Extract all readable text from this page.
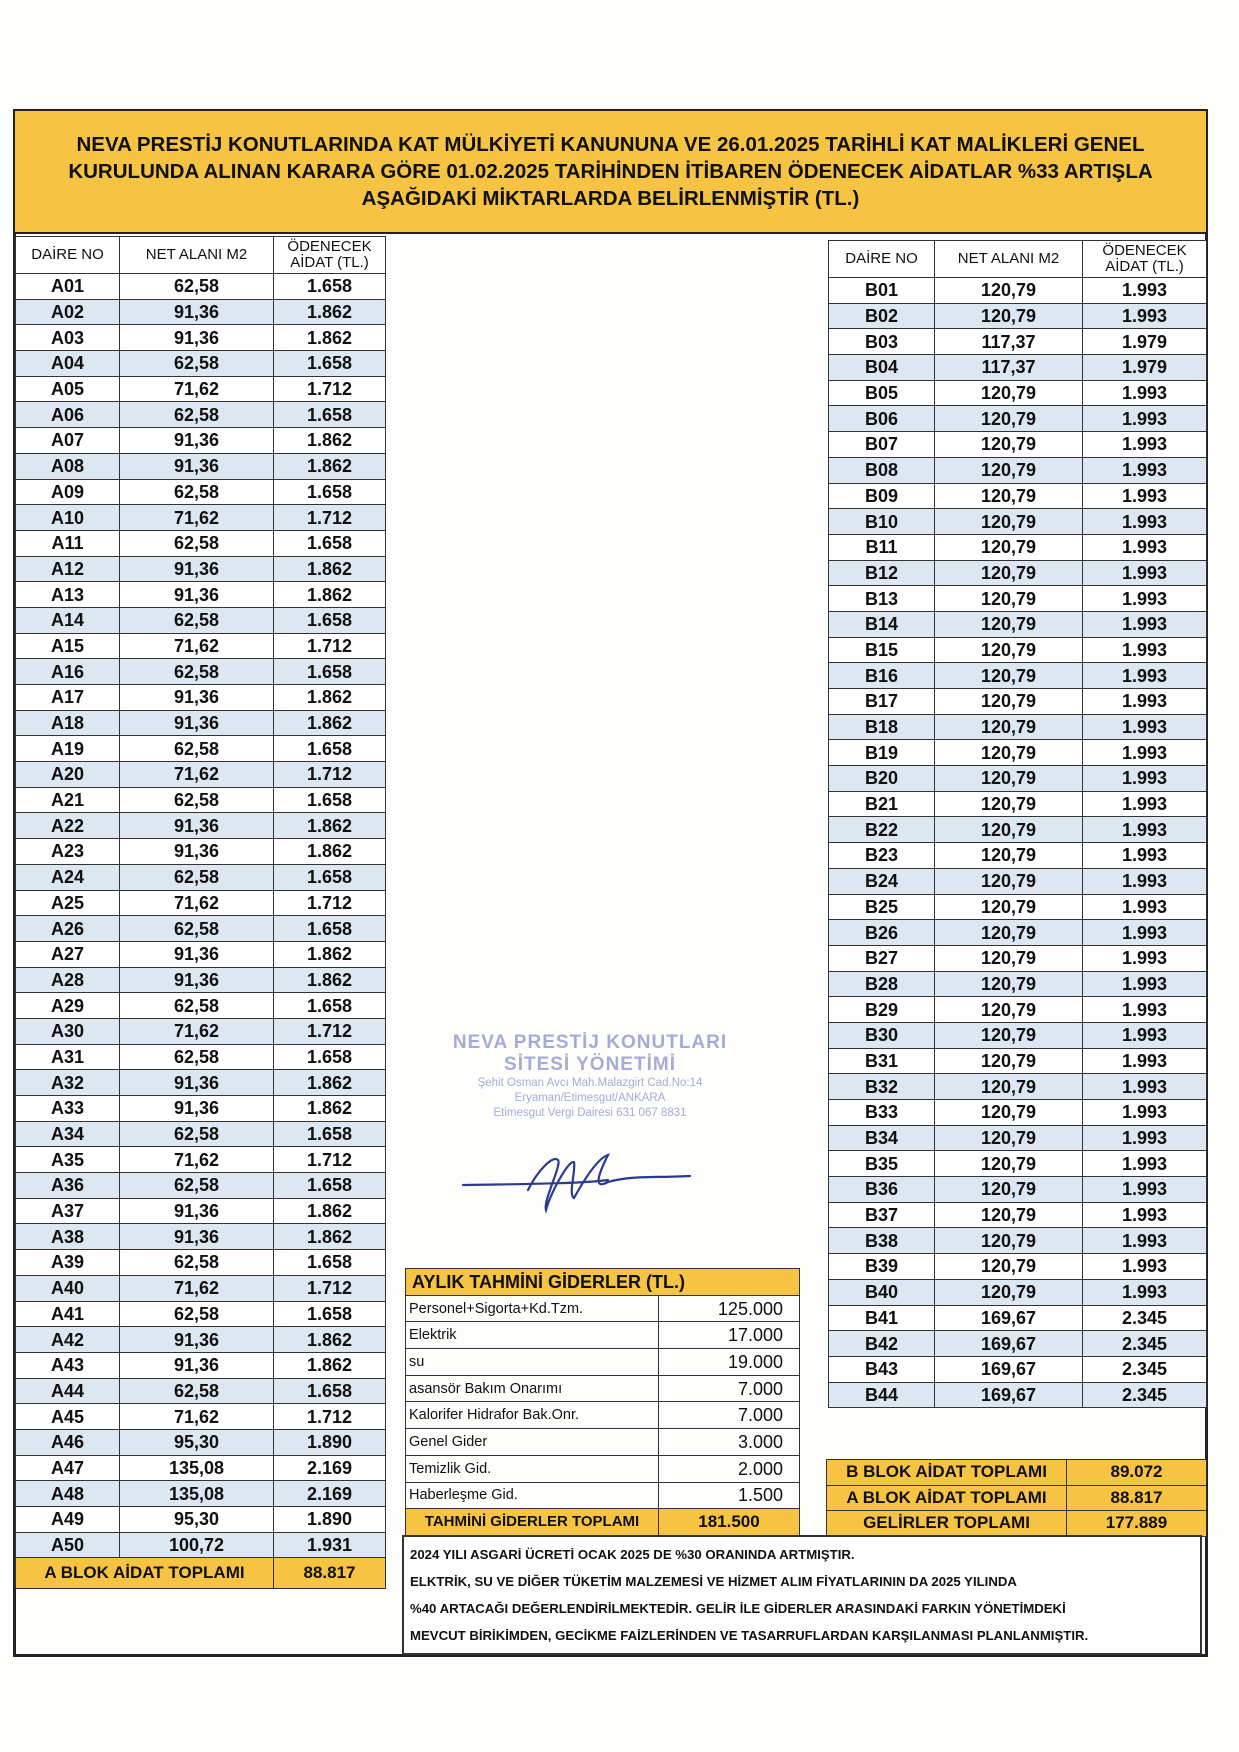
NEVA PRESTİJ KONUTLARINDA KAT MÜLKİYETİ KANUNUNA VE 26.01.2025 TARİHLİ KAT MALİKLERİ GENEL
KURULUNDA ALINAN KARARA GÖRE 01.02.2025 TARİHİNDEN İTİBAREN ÖDENECEK AİDATLAR %33 ARTIŞLA
AŞAĞIDAKİ MİKTARLARDA BELİRLENMİŞTİR (TL.)
DAİRE NO	NET ALANI M2	ÖDENECEK AİDAT (TL.)
A01	62,58	1.658
A02	91,36	1.862
A03	91,36	1.862
A04	62,58	1.658
A05	71,62	1.712
A06	62,58	1.658
A07	91,36	1.862
A08	91,36	1.862
A09	62,58	1.658
A10	71,62	1.712
A11	62,58	1.658
A12	91,36	1.862
A13	91,36	1.862
A14	62,58	1.658
A15	71,62	1.712
A16	62,58	1.658
A17	91,36	1.862
A18	91,36	1.862
A19	62,58	1.658
A20	71,62	1.712
A21	62,58	1.658
A22	91,36	1.862
A23	91,36	1.862
A24	62,58	1.658
A25	71,62	1.712
A26	62,58	1.658
A27	91,36	1.862
A28	91,36	1.862
A29	62,58	1.658
A30	71,62	1.712
A31	62,58	1.658
A32	91,36	1.862
A33	91,36	1.862
A34	62,58	1.658
A35	71,62	1.712
A36	62,58	1.658
A37	91,36	1.862
A38	91,36	1.862
A39	62,58	1.658
A40	71,62	1.712
A41	62,58	1.658
A42	91,36	1.862
A43	91,36	1.862
A44	62,58	1.658
A45	71,62	1.712
A46	95,30	1.890
A47	135,08	2.169
A48	135,08	2.169
A49	95,30	1.890
A50	100,72	1.931
A BLOK AİDAT TOPLAMI		88.817
DAİRE NO	NET ALANI M2	ÖDENECEK AİDAT (TL.)
B01	120,79	1.993
B02	120,79	1.993
B03	117,37	1.979
B04	117,37	1.979
B05	120,79	1.993
B06	120,79	1.993
B07	120,79	1.993
B08	120,79	1.993
B09	120,79	1.993
B10	120,79	1.993
B11	120,79	1.993
B12	120,79	1.993
B13	120,79	1.993
B14	120,79	1.993
B15	120,79	1.993
B16	120,79	1.993
B17	120,79	1.993
B18	120,79	1.993
B19	120,79	1.993
B20	120,79	1.993
B21	120,79	1.993
B22	120,79	1.993
B23	120,79	1.993
B24	120,79	1.993
B25	120,79	1.993
B26	120,79	1.993
B27	120,79	1.993
B28	120,79	1.993
B29	120,79	1.993
B30	120,79	1.993
B31	120,79	1.993
B32	120,79	1.993
B33	120,79	1.993
B34	120,79	1.993
B35	120,79	1.993
B36	120,79	1.993
B37	120,79	1.993
B38	120,79	1.993
B39	120,79	1.993
B40	120,79	1.993
B41	169,67	2.345
B42	169,67	2.345
B43	169,67	2.345
B44	169,67	2.345
B BLOK AİDAT TOPLAMI	89.072
A BLOK AİDAT TOPLAMI	88.817
GELİRLER TOPLAMI	177.889
AYLIK TAHMİNİ GİDERLER (TL.)	
Personel+Sigorta+Kd.Tzm.	125.000
Elektrik	17.000
su	19.000
asansör Bakım Onarımı	7.000
Kalorifer Hidrafor Bak.Onr.	7.000
Genel Gider	3.000
Temizlik Gid.	2.000
Haberleşme Gid.	1.500
TAHMİNİ GİDERLER TOPLAMI	181.500
2024 YILI ASGARİ ÜCRETİ OCAK 2025 DE %30 ORANINDA ARTMIŞTIR.
ELKTRİK, SU VE DİĞER TÜKETİM MALZEMESİ VE HİZMET ALIM FİYATLARININ DA 2025 YILINDA
%40 ARTACAĞI DEĞERLENDİRİLMEKTEDİR. GELİR İLE GİDERLER ARASINDAKİ FARKIN YÖNETİMDEKİ
MEVCUT BİRİKİMDEN, GECİKME FAİZLERİNDEN VE TASARRUFLARDAN KARŞILANMASI PLANLANMIŞTIR.
NEVA PRESTİJ KONUTLARI
SİTESİ YÖNETİMİ
Şehit Osman Avcı Mah.Malazgirt Cad.No:14
Eryaman/Etimesgut/ANKARA
Etimesgut Vergi Dairesi 631 067 8831
